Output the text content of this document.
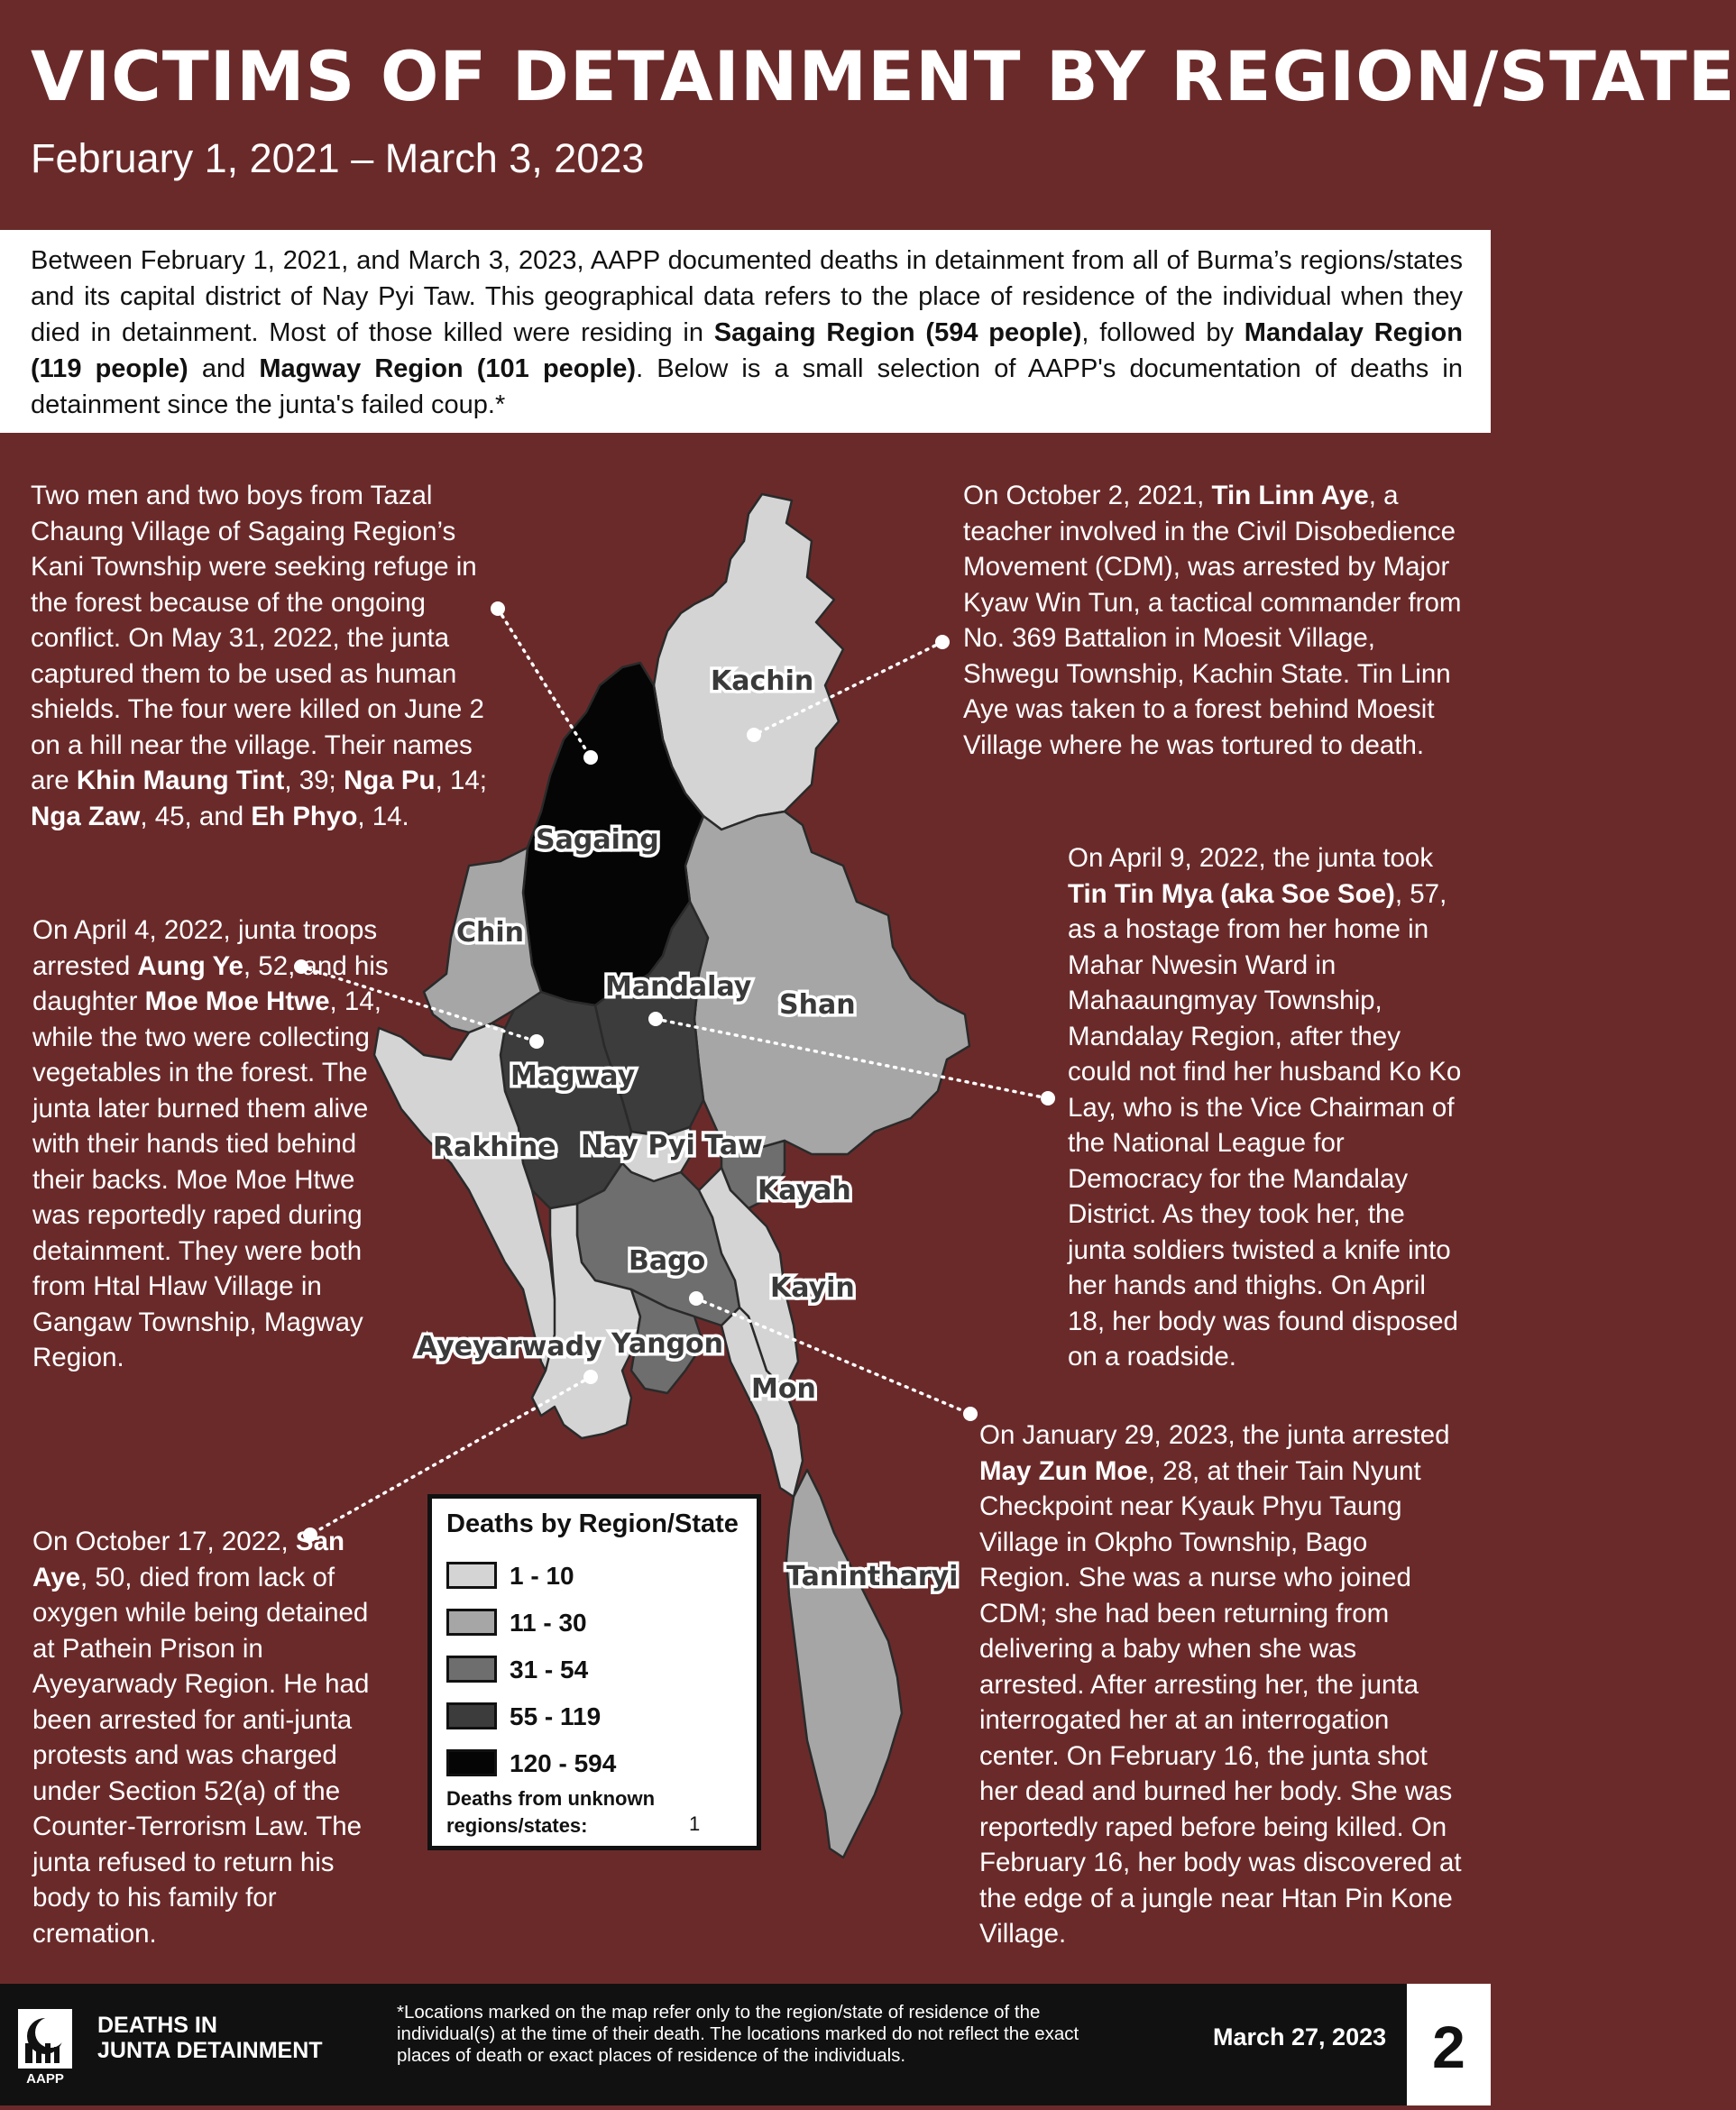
VICTIMS OF DETAINMENT BY REGION/STATE
February 1, 2021 – March 3, 2023

Between February 1, 2021, and March 3, 2023, AAPP documented deaths in detainment from all of Burma’s regions/states and its capital district of Nay Pyi Taw. This geographical data refers to the place of residence of the individual when they died in detainment. Most of those killed were residing in Sagaing Region (594 people), followed by Mandalay Region (119 people) and Magway Region (101 people). Below is a small selection of AAPP's documentation of deaths in detainment since the junta's failed coup.*

Kachin
Sagaing
Chin
Mandalay
Shan
Magway
Rakhine Nay Pyi Taw
Kayah
Bago
Kayin
Ayeyarwady Yangon
Mon
Tanintharyi

Two men and two boys from Tazal Chaung Village of Sagaing Region’s Kani Township were seeking refuge in the forest because of the ongoing conflict. On May 31, 2022, the junta captured them to be used as human shields. The four were killed on June 2 on a hill near the village. Their names are Khin Maung Tint, 39; Nga Pu, 14; Nga Zaw, 45, and Eh Phyo, 14.

On October 2, 2021, Tin Linn Aye, a teacher involved in the Civil Disobedience Movement (CDM), was arrested by Major Kyaw Win Tun, a tactical commander from No. 369 Battalion in Moesit Village, Shwegu Township, Kachin State. Tin Linn Aye was taken to a forest behind Moesit Village where he was tortured to death.

On April 9, 2022, the junta took Tin Tin Mya (aka Soe Soe), 57, as a hostage from her home in Mahar Nwesin Ward in Mahaaungmyay Township, Mandalay Region, after they could not find her husband Ko Ko Lay, who is the Vice Chairman of the National League for Democracy for the Mandalay District. As they took her, the junta soldiers twisted a knife into her hands and thighs. On April 18, her body was found disposed on a roadside.

On April 4, 2022, junta troops arrested Aung Ye, 52, and his daughter Moe Moe Htwe, 14, while the two were collecting vegetables in the forest. The junta later burned them alive with their hands tied behind their backs. Moe Moe Htwe was reportedly raped during detainment. They were both from Htal Hlaw Village in Gangaw Township, Magway Region.

On January 29, 2023, the junta arrested May Zun Moe, 28, at their Tain Nyunt Checkpoint near Kyauk Phyu Taung Village in Okpho Township, Bago Region. She was a nurse who joined CDM; she had been returning from delivering a baby when she was arrested. After arresting her, the junta interrogated her at an interrogation center. On February 16, the junta shot her dead and burned her body. She was reportedly raped before being killed. On February 16, her body was discovered at the edge of a jungle near Htan Pin Kone Village.

On October 17, 2022, San Aye, 50, died from lack of oxygen while being detained at Pathein Prison in Ayeyarwady Region. He had been arrested for anti-junta protests and was charged under Section 52(a) of the Counter-Terrorism Law. The junta refused to return his body to his family for cremation.

Deaths by Region/State
1 - 10
11 - 30
31 - 54
55 - 119
120 - 594
Deaths from unknown regions/states:	1
AAPP
DEATHS IN
JUNTA DETAINMENT
*Locations marked on the map refer only to the region/state of residence of the individual(s) at the time of their death. The locations marked do not reflect the exact places of death or exact places of residence of the individuals.
March 27, 2023 2
